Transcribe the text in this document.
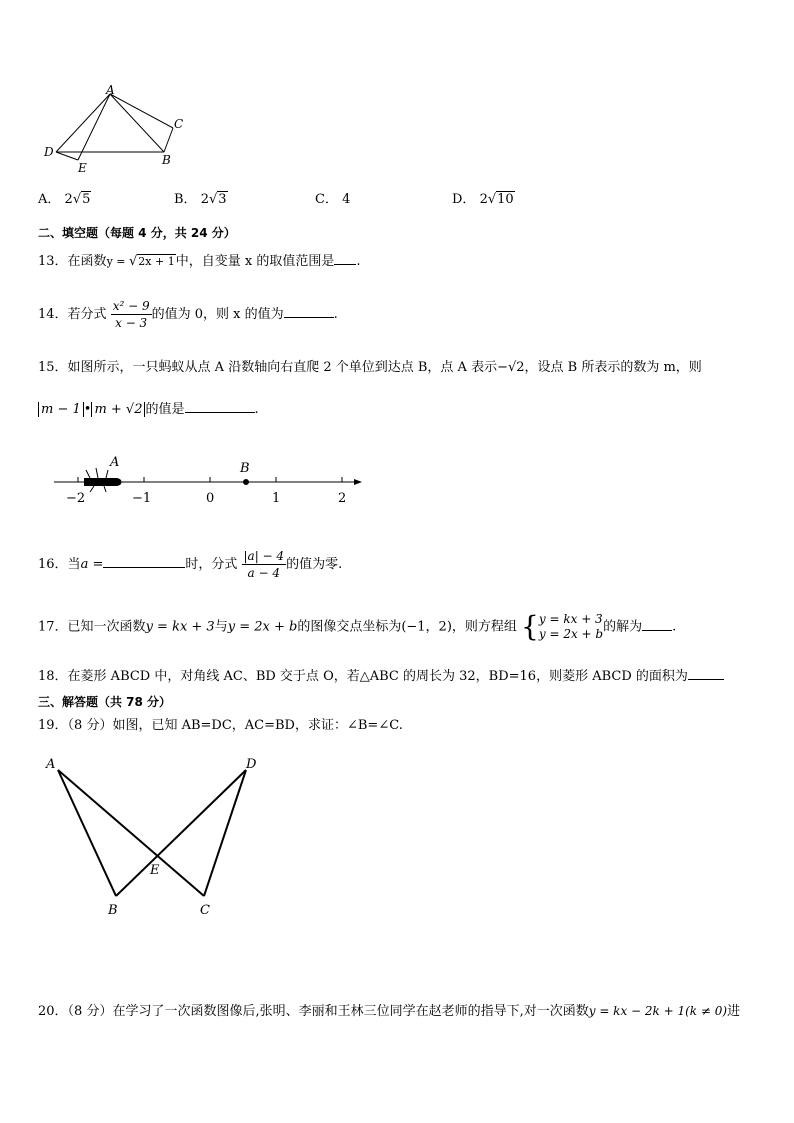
A
C
D
B
E
A． 2√5	B． 2√3	C． 4	D． 2√10
二、填空题（每题 4 分，共 24 分）
13．在函数y = √2x + 1中，自变量 x 的取值范围是 .
14．若分式 $\frac{\text{x² − 9}}{x - 3}$ 的值为 0，则 x 的值为	.
15．如图所示，一只蚂蚁从点 A 沿数轴向右直爬 2 个单位到达点 B，点 A 表示−√2，设点 B 所表示的数为 m，则
m − 1 • m + √2 的值是	.
A	B
−2	−1	0	1	2
16．当a =	时，分式 $\frac{|a| - 4}{a - 4}$ 的值为零.
17．已知一次函数y = kx + 3与y = 2x + b的图像交点坐标为(−1，2)，则方程组 { y = kx + 3
y = 2x + b 的解为 .
18．在菱形 ABCD 中，对角线 AC、BD 交于点 O，若△ABC 的周长为 32，BD=16，则菱形 ABCD 的面积为
三、解答题（共 78 分）
19．（8 分）如图，已知 AB=DC，AC=BD，求证：∠B=∠C.
A	D
E
B	C
20．（8 分）在学习了一次函数图像后,张明、李丽和王林三位同学在赵老师的指导下,对一次函数y = kx − 2k + 1(k ≠ 0)进
